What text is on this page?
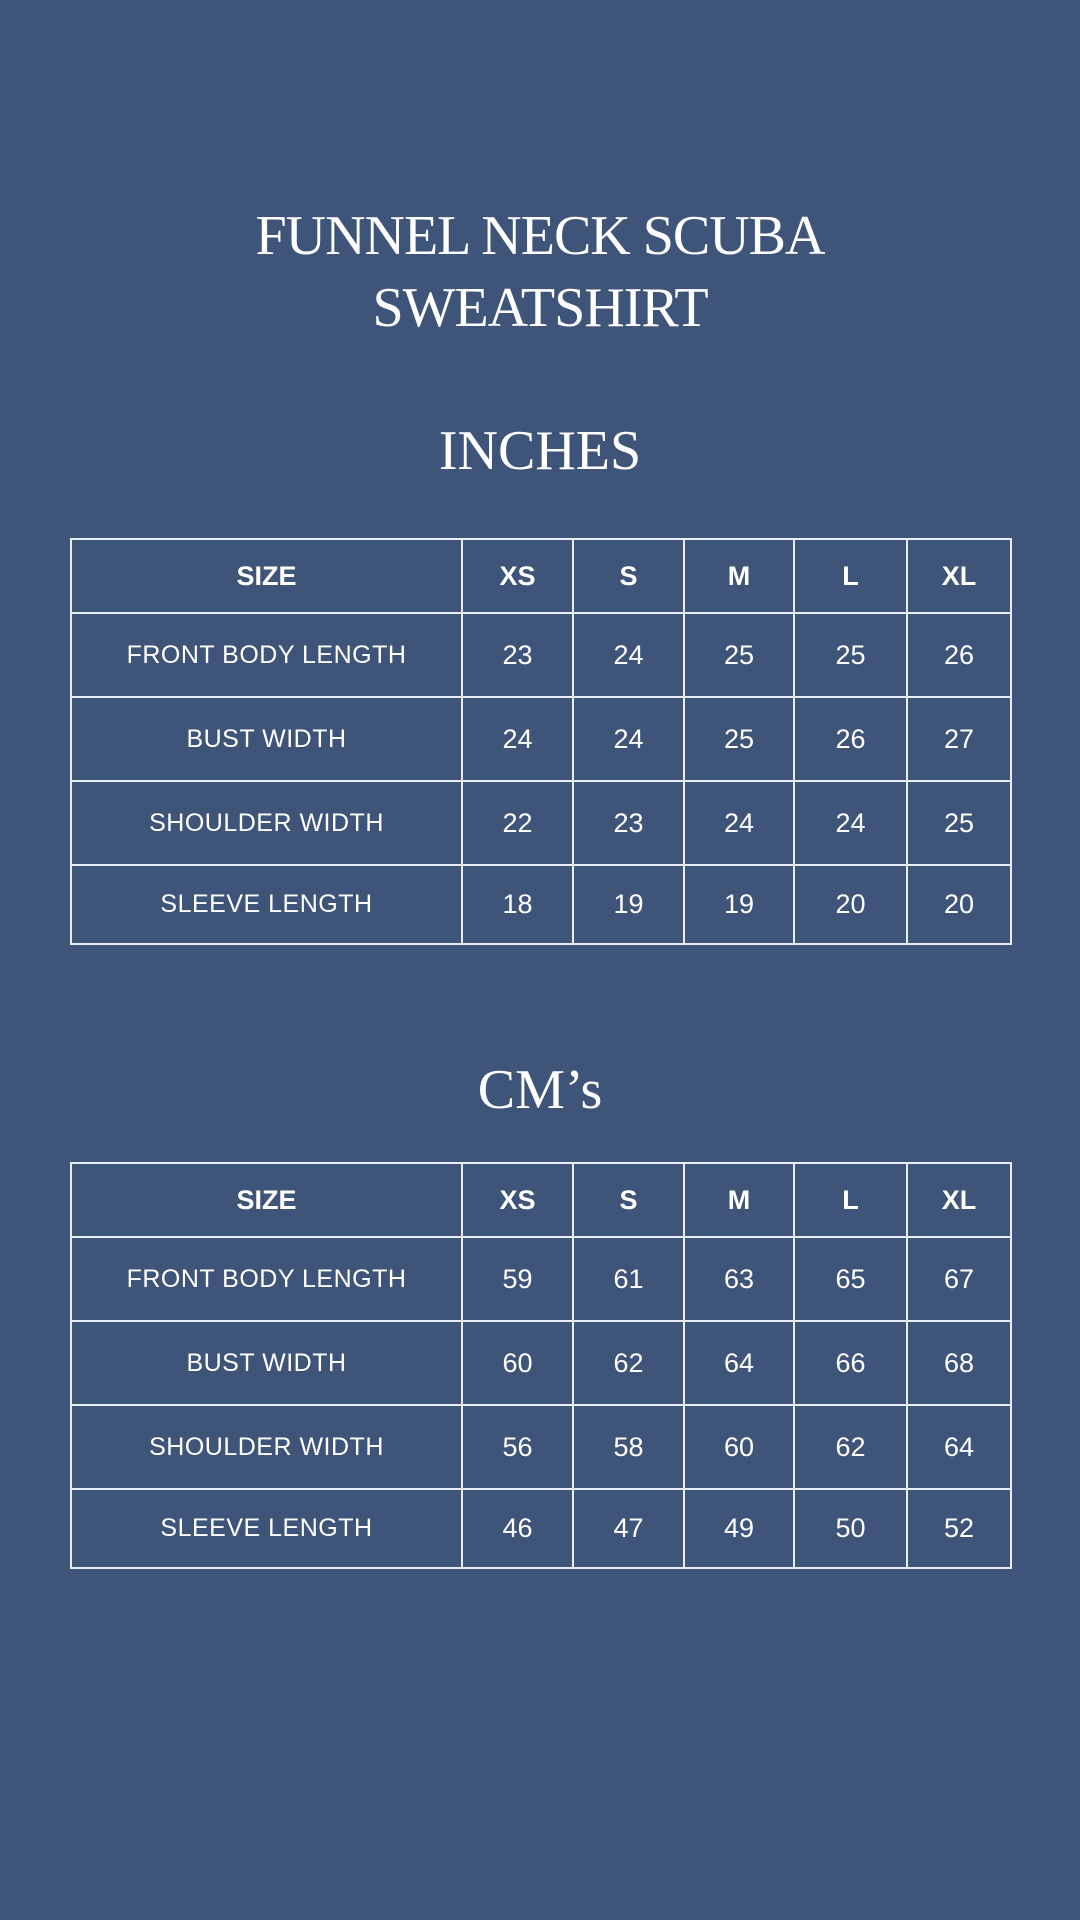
FUNNEL NECK SCUBA
SWEATSHIRT
INCHES
SIZE	XS	S	M	L	XL
FRONT BODY LENGTH	23	24	25	25	26
BUST WIDTH	24	24	25	26	27
SHOULDER WIDTH	22	23	24	24	25
SLEEVE LENGTH	18	19	19	20	20
CM’s
SIZE	XS	S	M	L	XL
FRONT BODY LENGTH	59	61	63	65	67
BUST WIDTH	60	62	64	66	68
SHOULDER WIDTH	56	58	60	62	64
SLEEVE LENGTH	46	47	49	50	52
